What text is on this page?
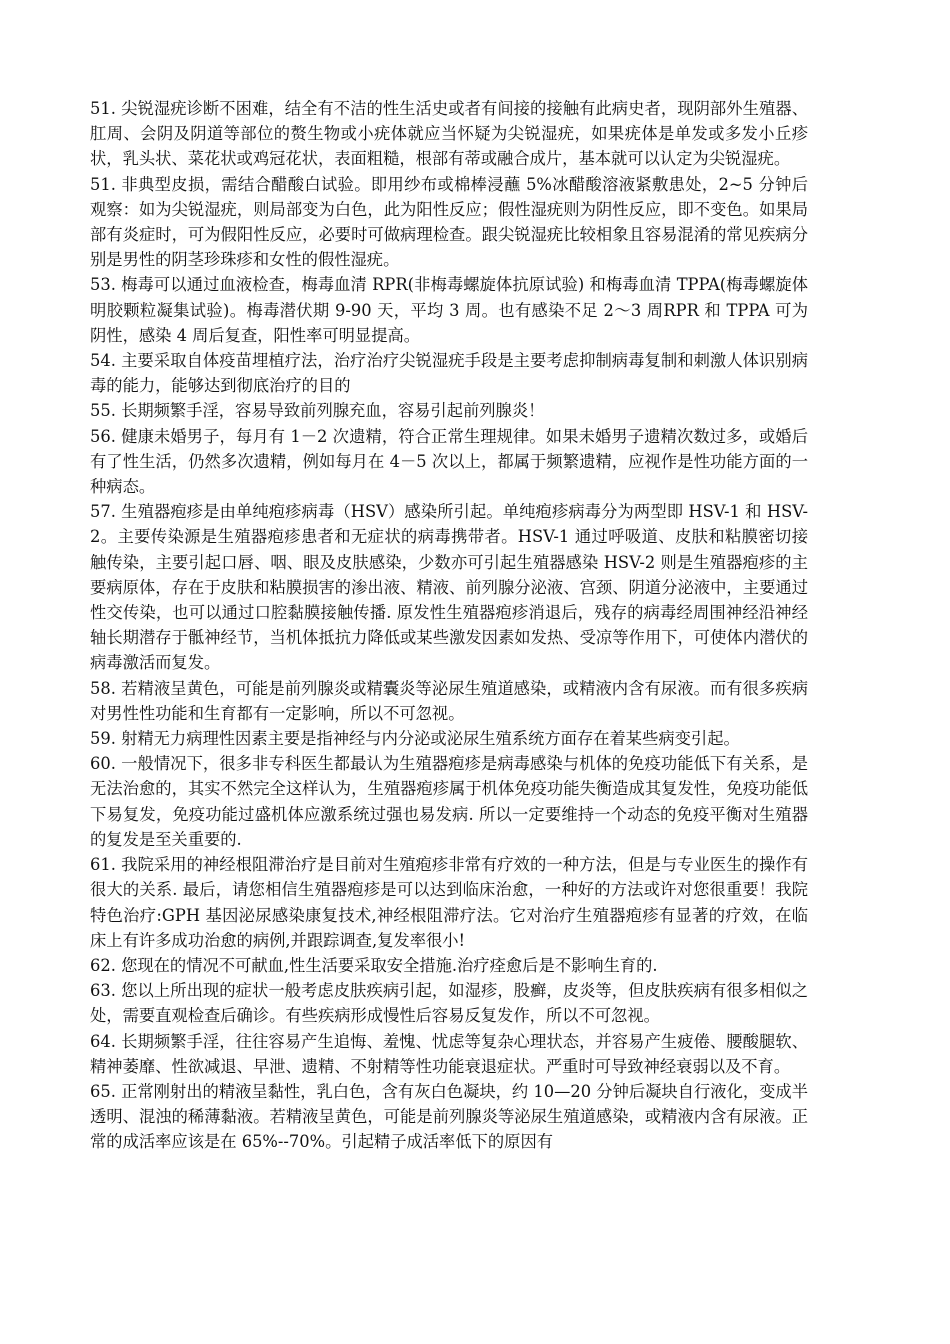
51. 尖锐湿疣诊断不困难，结全有不洁的性生活史或者有间接的接触有此病史者，现阴部外生殖器、肛周、会阴及阴道等部位的赘生物或小疣体就应当怀疑为尖锐湿疣，如果疣体是单发或多发小丘疹状，乳头状、菜花状或鸡冠花状，表面粗糙，根部有蒂或融合成片，基本就可以认定为尖锐湿疣。

51. 非典型皮损，需结合醋酸白试验。即用纱布或棉棒浸蘸 5%冰醋酸溶液紧敷患处，2~5 分钟后观察：如为尖锐湿疣，则局部变为白色，此为阳性反应；假性湿疣则为阴性反应，即不变色。如果局部有炎症时，可为假阳性反应，必要时可做病理检查。跟尖锐湿疣比较相象且容易混淆的常见疾病分别是男性的阴茎珍珠疹和女性的假性湿疣。

53. 梅毒可以通过血液检查，梅毒血清 RPR(非梅毒螺旋体抗原试验) 和梅毒血清 TPPA(梅毒螺旋体明胶颗粒凝集试验)。梅毒潜伏期 9-90 天，平均 3 周。也有感染不足 2～3 周RPR 和 TPPA 可为阴性，感染 4 周后复查，阳性率可明显提高。

54. 主要采取自体疫苗埋植疗法，治疗治疗尖锐湿疣手段是主要考虑抑制病毒复制和刺激人体识别病毒的能力，能够达到彻底治疗的目的

55. 长期频繁手淫，容易导致前列腺充血，容易引起前列腺炎！

56. 健康未婚男子，每月有 1－2 次遗精，符合正常生理规律。如果未婚男子遗精次数过多，或婚后有了性生活，仍然多次遗精，例如每月在 4－5 次以上，都属于频繁遗精，应视作是性功能方面的一种病态。

57. 生殖器疱疹是由单纯疱疹病毒（HSV）感染所引起。单纯疱疹病毒分为两型即 HSV-1 和 HSV-2。主要传染源是生殖器疱疹患者和无症状的病毒携带者。HSV-1 通过呼吸道、皮肤和粘膜密切接触传染，主要引起口唇、咽、眼及皮肤感染，少数亦可引起生殖器感染 HSV-2 则是生殖器疱疹的主要病原体，存在于皮肤和粘膜损害的渗出液、精液、前列腺分泌液、宫颈、阴道分泌液中，主要通过性交传染，也可以通过口腔黏膜接触传播. 原发性生殖器疱疹消退后，残存的病毒经周围神经沿神经轴长期潜存于骶神经节，当机体抵抗力降低或某些激发因素如发热、受凉等作用下，可使体内潜伏的病毒激活而复发。

58. 若精液呈黄色，可能是前列腺炎或精囊炎等泌尿生殖道感染，或精液内含有尿液。而有很多疾病对男性性功能和生育都有一定影响，所以不可忽视。

59. 射精无力病理性因素主要是指神经与内分泌或泌尿生殖系统方面存在着某些病变引起。

60. 一般情况下，很多非专科医生都最认为生殖器疱疹是病毒感染与机体的免疫功能低下有关系，是无法治愈的，其实不然完全这样认为，生殖器疱疹属于机体免疫功能失衡造成其复发性，免疫功能低下易复发，免疫功能过盛机体应激系统过强也易发病. 所以一定要维持一个动态的免疫平衡对生殖器的复发是至关重要的.

61. 我院采用的神经根阻滞治疗是目前对生殖疱疹非常有疗效的一种方法，但是与专业医生的操作有很大的关系. 最后，请您相信生殖器疱疹是可以达到临床治愈，一种好的方法或许对您很重要！我院特色治疗:GPH 基因泌尿感染康复技术,神经根阻滞疗法。它对治疗生殖器疱疹有显著的疗效，在临床上有许多成功治愈的病例,并跟踪调查,复发率很小!

62. 您现在的情况不可献血,性生活要采取安全措施.治疗痊愈后是不影响生育的.

63. 您以上所出现的症状一般考虑皮肤疾病引起，如湿疹，股癣，皮炎等，但皮肤疾病有很多相似之处，需要直观检查后确诊。有些疾病形成慢性后容易反复发作，所以不可忽视。

64. 长期频繁手淫，往往容易产生追悔、羞愧、忧虑等复杂心理状态，并容易产生疲倦、腰酸腿软、精神萎靡、性欲减退、早泄、遗精、不射精等性功能衰退症状。严重时可导致神经衰弱以及不育。

65. 正常刚射出的精液呈黏性，乳白色，含有灰白色凝块，约 10—20 分钟后凝块自行液化，变成半透明、混浊的稀薄黏液。若精液呈黄色，可能是前列腺炎等泌尿生殖道感染，或精液内含有尿液。正常的成活率应该是在 65%--70%。引起精子成活率低下的原因有
